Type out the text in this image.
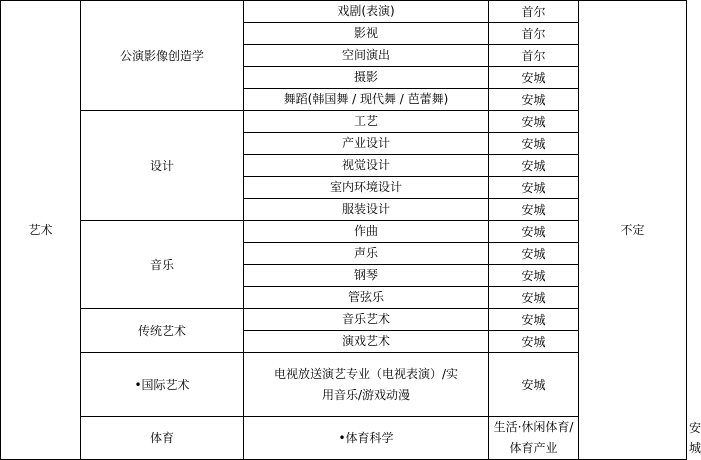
艺术	公演影像创造学	戏剧(表演)	首尔	不定	
		影视	首尔		
		空间演出	首尔		
		摄影	安城		
		舞蹈(韩国舞 / 现代舞 / 芭蕾舞)	安城		
	设计	工艺	安城		
		产业设计	安城		
		视觉设计	安城		
		室内环境设计	安城		
		服装设计	安城		
	音乐	作曲	安城		
		声乐	安城		
		钢琴	安城		
		管弦乐	安城		
	传统艺术	音乐艺术	安城		
		演戏艺术	安城		
	•国际艺术	电视放送演艺专业（电视表演）/实用音乐/游戏动漫	安城		
	体育	•体育科学	生活·休闲体育/体育产业		安城	
